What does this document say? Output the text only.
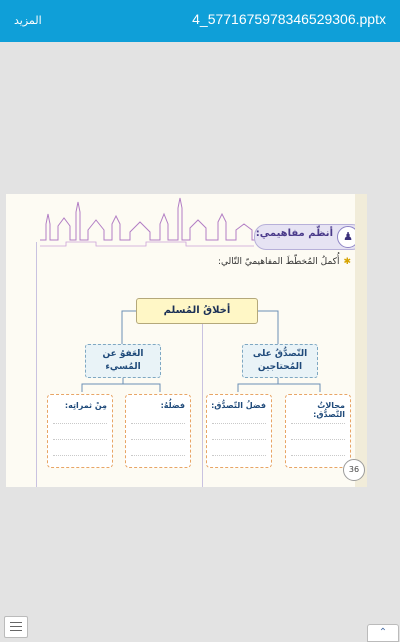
المزيد	4_5771675978346529306.pptx
أنظّم مفاهيمي: ♟
✱أُكملُ المُخطّطَ المفاهيميّ التّالي:
أخلاقُ المُسلم
التّصدُّقُ على المُحتاجين
العَفوُ عن المُسيء
مجالاتُ التّصدُّق:
فضلُ التّصدُّق:
فضلُهُ:
مِنْ ثمراتِه:
36
⌃
